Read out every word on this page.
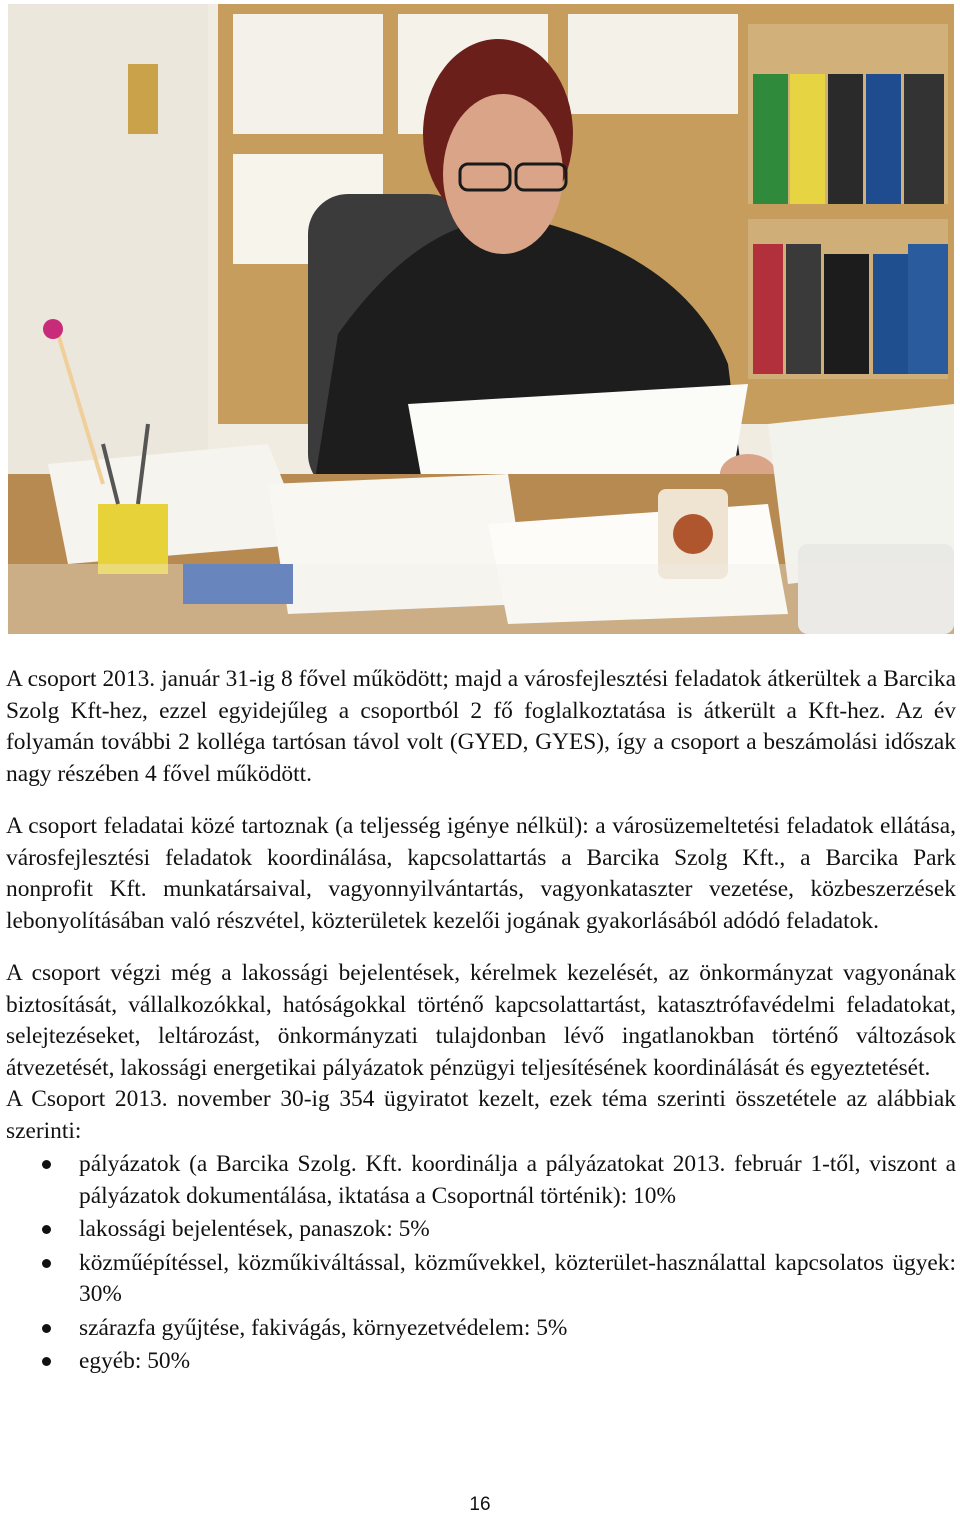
A csoport 2013. január 31-ig 8 fővel működött; majd a városfejlesztési feladatok átkerültek a Barcika Szolg Kft-hez, ezzel egyidejűleg a csoportból 2 fő foglalkoztatása is átkerült a Kft-hez. Az év folyamán további 2 kolléga tartósan távol volt (GYED, GYES), így a csoport a beszámolási időszak nagy részében 4 fővel működött.

A csoport feladatai közé tartoznak (a teljesség igénye nélkül): a városüzemeltetési feladatok ellátása, városfejlesztési feladatok koordinálása, kapcsolattartás a Barcika Szolg Kft., a Barcika Park nonprofit Kft. munkatársaival, vagyonnyilvántartás, vagyonkataszter vezetése, közbeszerzések lebonyolításában való részvétel, közterületek kezelői jogának gyakorlásából adódó feladatok.

A csoport végzi még a lakossági bejelentések, kérelmek kezelését, az önkormányzat vagyonának biztosítását, vállalkozókkal, hatóságokkal történő kapcsolattartást, katasztrófavédelmi feladatokat, selejtezéseket, leltározást, önkormányzati tulajdonban lévő ingatlanokban történő változások átvezetését, lakossági energetikai pályázatok pénzügyi teljesítésének koordinálását és egyeztetését.

A Csoport 2013. november 30-ig 354 ügyiratot kezelt, ezek téma szerinti összetétele az alábbiak szerinti:

pályázatok (a Barcika Szolg. Kft. koordinálja a pályázatokat 2013. február 1-től, viszont a pályázatok dokumentálása, iktatása a Csoportnál történik): 10%
lakossági bejelentések, panaszok: 5%
közműépítéssel, közműkiváltással, közművekkel, közterület-használattal kapcsolatos ügyek: 30%
szárazfa gyűjtése, fakivágás, környezetvédelem: 5%
egyéb: 50%
16
